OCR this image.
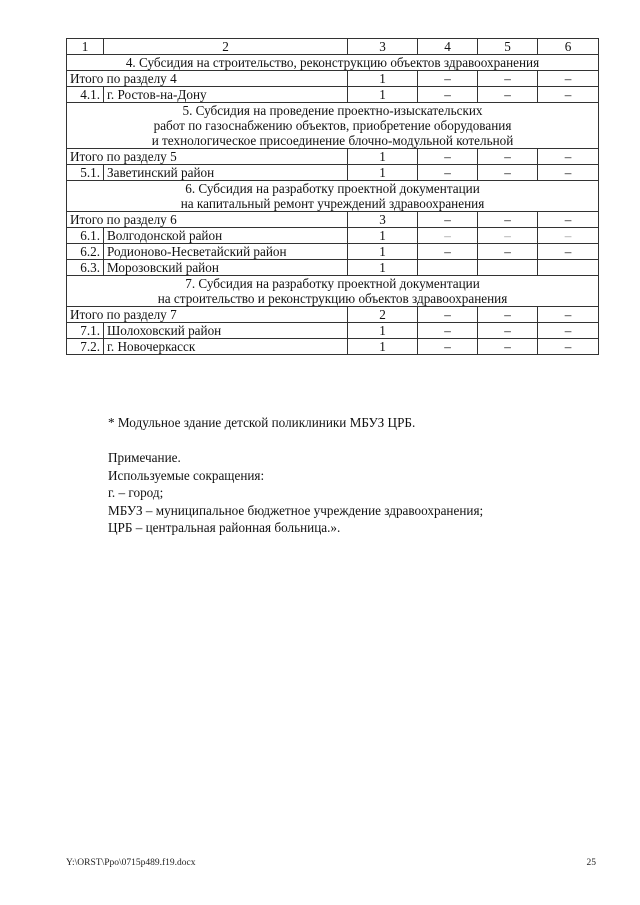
1	2	3	4	5	6

4. Субсидия на строительство, реконструкцию объектов здравоохранения					

Итого по разделу 4		1	–	–	–
4.1.	г. Ростов-на-Дону	1	–	–	–

5. Субсидия на проведение проектно-изыскательских
работ по газоснабжению объектов, приобретение оборудования
и технологическое присоединение блочно-модульной котельной					

Итого по разделу 5		1	–	–	–
5.1.	Заветинский район	1	–	–	–

6. Субсидия на разработку проектной документации
на капитальный ремонт учреждений здравоохранения					

Итого по разделу 6		3	–	–	–
6.1.	Волгодонской район	1	–	–	–
6.2.	Родионово-Несветайский район	1	–	–	–
6.3.	Морозовский район	1			

7. Субсидия на разработку проектной документации
на строительство и реконструкцию объектов здравоохранения					

Итого по разделу 7		2	–	–	–
7.1.	Шолоховский район	1	–	–	–
7.2.	г. Новочеркасск	1	–	–	–

* Модульное здание детской поликлиники МБУЗ ЦРБ.

Примечание.

Используемые сокращения:

г. – город;

МБУЗ – муниципальное бюджетное учреждение здравоохранения;

ЦРБ – центральная районная больница.».

Y:\ORST\Ppo\0715p489.f19.docx	25
